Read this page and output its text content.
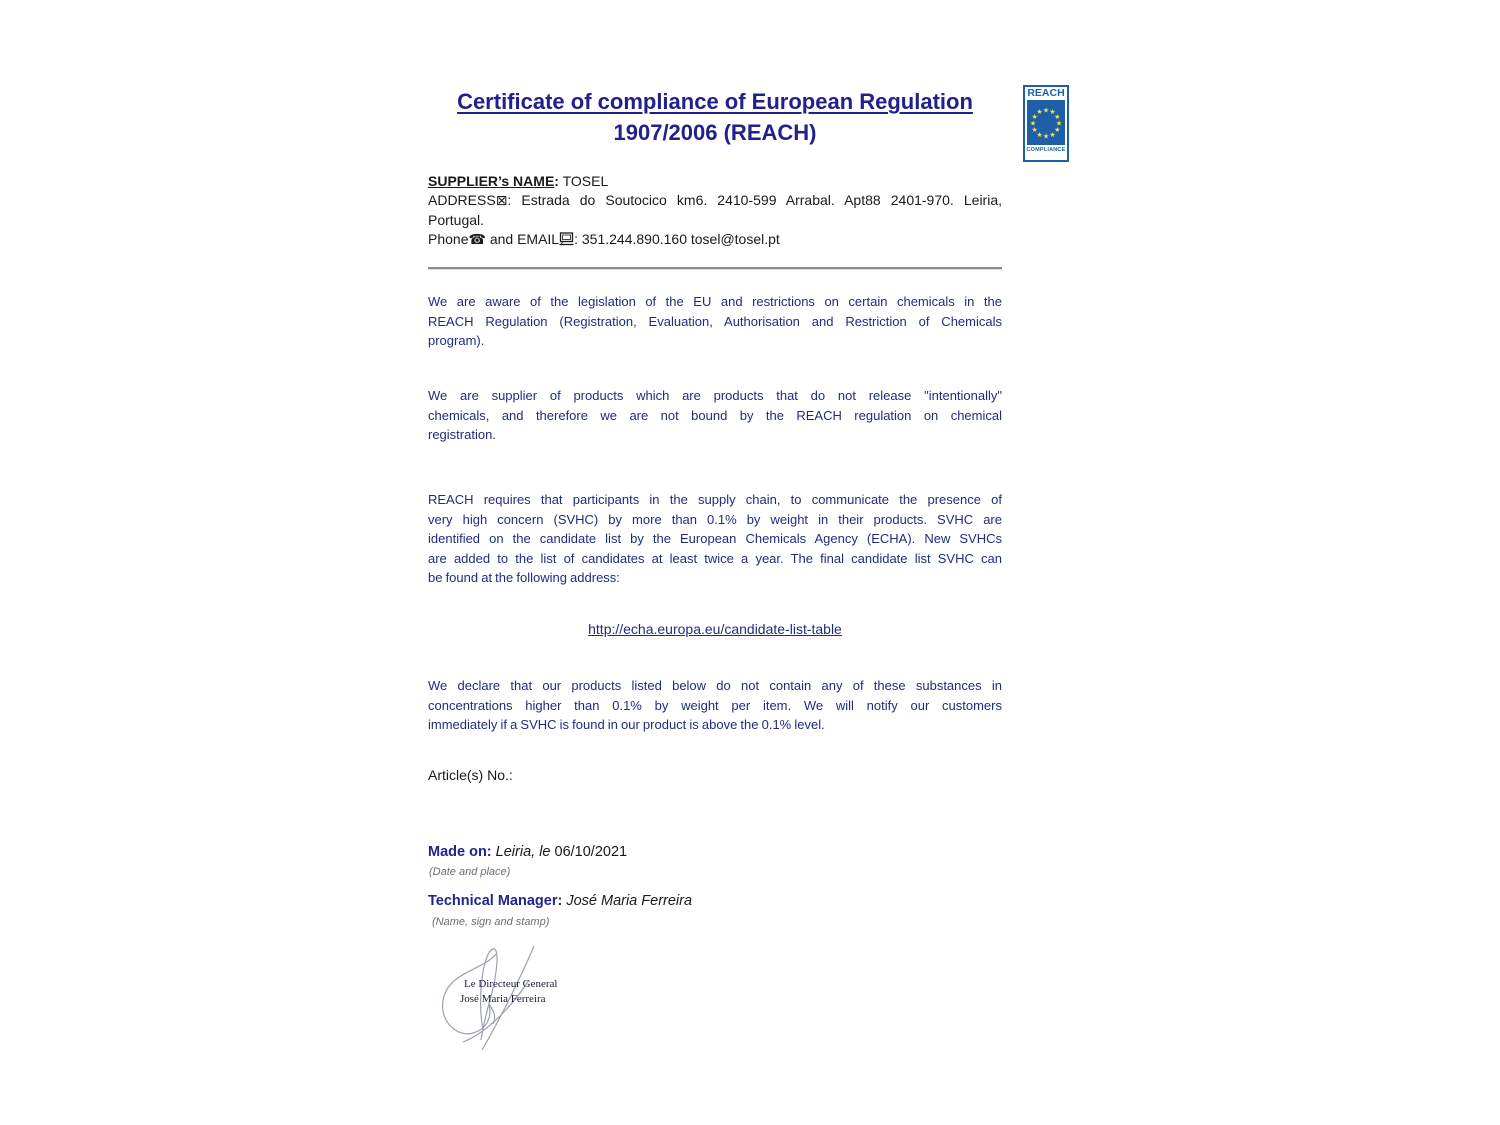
Certificate of compliance of European Regulation
1907/2006 (REACH)
SUPPLIER’s NAME: TOSEL
ADDRESS⊠: Estrada do Soutocico km6. 2410-599 Arrabal. Apt88 2401-970. Leiria,
Portugal.
Phone☎ and EMAIL : 351.244.890.160 tosel@tosel.pt
We are aware of the legislation of the EU and restrictions on certain chemicals in the
REACH Regulation (Registration, Evaluation, Authorisation and Restriction of Chemicals
program).
We are supplier of products which are products that do not release "intentionally"
chemicals, and therefore we are not bound by the REACH regulation on chemical
registration.
REACH requires that participants in the supply chain, to communicate the presence of
very high concern (SVHC) by more than 0.1% by weight in their products. SVHC are
identified on the candidate list by the European Chemicals Agency (ECHA). New SVHCs
are added to the list of candidates at least twice a year. The final candidate list SVHC can
be found at the following address:
http://echa.europa.eu/candidate-list-table
We declare that our products listed below do not contain any of these substances in
concentrations higher than 0.1% by weight per item. We will notify our customers
immediately if a SVHC is found in our product is above the 0.1% level.
Article(s) No.:
Made on: Leiria, le 06/10/2021
(Date and place)
Technical Manager: José Maria Ferreira
(Name, sign and stamp)
Le Directeur General
José Maria Ferreira
REACH
★ ★
★
★
★
★
★
★
★
★
★
★
COMPLIANCE
